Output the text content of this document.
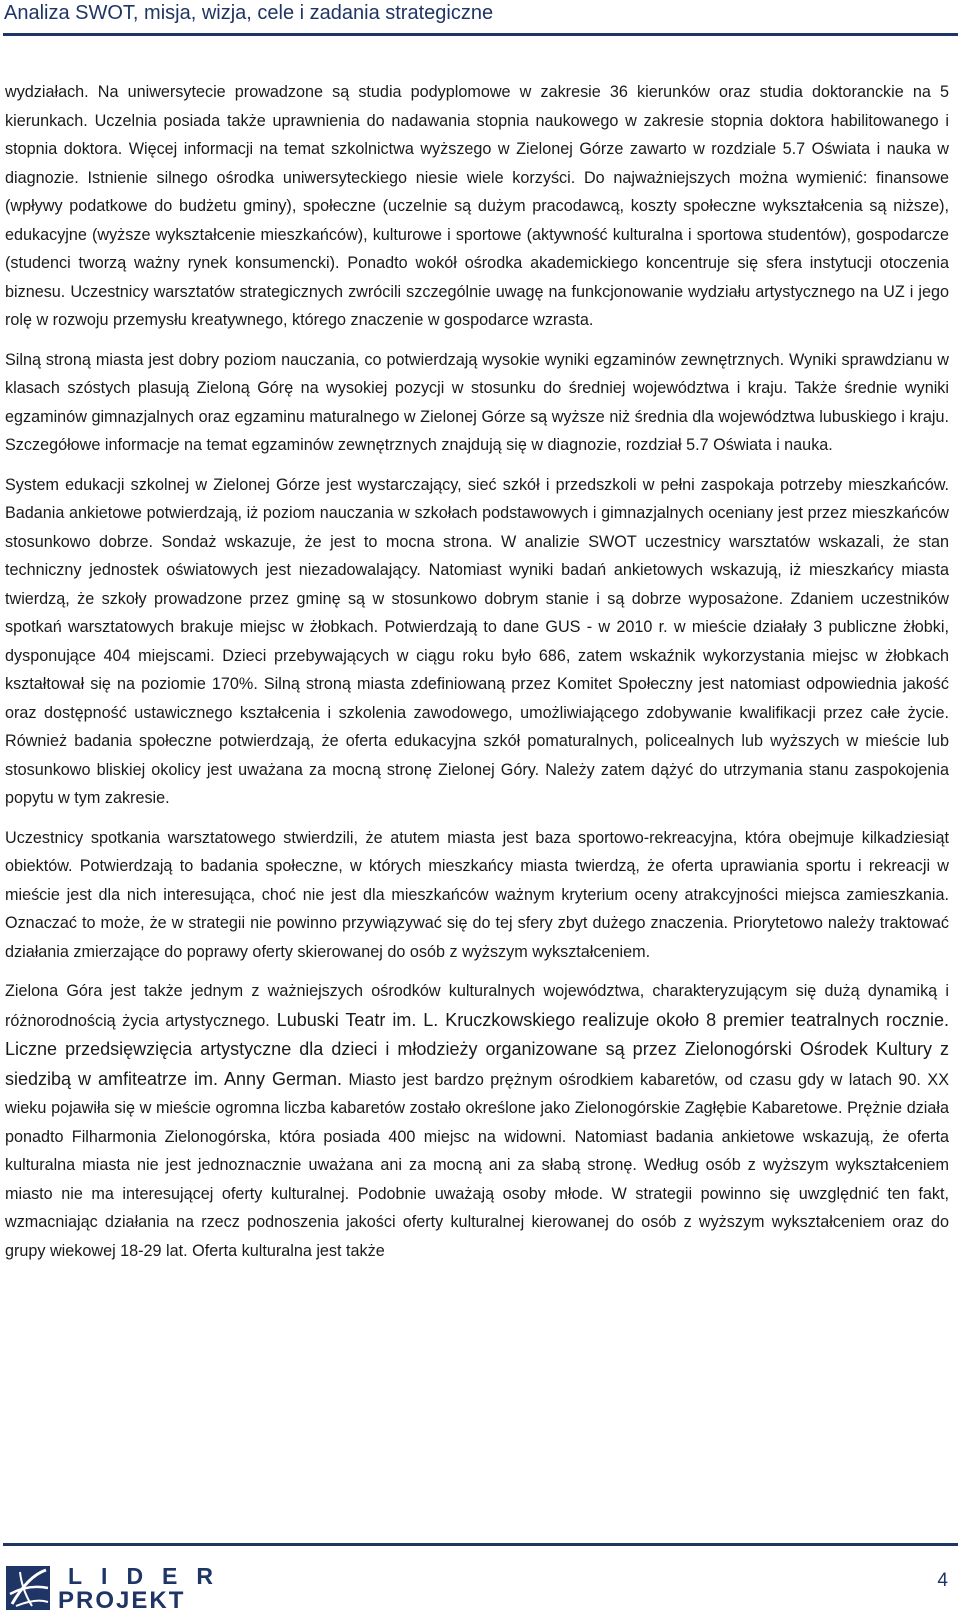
Analiza SWOT, misja, wizja, cele i zadania strategiczne

wydziałach. Na uniwersytecie prowadzone są studia podyplomowe w zakresie 36 kierunków oraz studia doktoranckie na 5 kierunkach. Uczelnia posiada także uprawnienia do nadawania stopnia naukowego w zakresie stopnia doktora habilitowanego i stopnia doktora. Więcej informacji na temat szkolnictwa wyższego w Zielonej Górze zawarto w rozdziale 5.7 Oświata i nauka w diagnozie. Istnienie silnego ośrodka uniwersyteckiego niesie wiele korzyści. Do najważniejszych można wymienić: finansowe (wpływy podatkowe do budżetu gminy), społeczne (uczelnie są dużym pracodawcą, koszty społeczne wykształcenia są niższe), edukacyjne (wyższe wykształcenie mieszkańców), kulturowe i sportowe (aktywność kulturalna i sportowa studentów), gospodarcze (studenci tworzą ważny rynek konsumencki). Ponadto wokół ośrodka akademickiego koncentruje się sfera instytucji otoczenia biznesu. Uczestnicy warsztatów strategicznych zwrócili szczególnie uwagę na funkcjonowanie wydziału artystycznego na UZ i jego rolę w rozwoju przemysłu kreatywnego, którego znaczenie w gospodarce wzrasta.

Silną stroną miasta jest dobry poziom nauczania, co potwierdzają wysokie wyniki egzaminów zewnętrznych. Wyniki sprawdzianu w klasach szóstych plasują Zieloną Górę na wysokiej pozycji w stosunku do średniej województwa i kraju. Także średnie wyniki egzaminów gimnazjalnych oraz egzaminu maturalnego w Zielonej Górze są wyższe niż średnia dla województwa lubuskiego i kraju. Szczegółowe informacje na temat egzaminów zewnętrznych znajdują się w diagnozie, rozdział 5.7 Oświata i nauka.

System edukacji szkolnej w Zielonej Górze jest wystarczający, sieć szkół i przedszkoli w pełni zaspokaja potrzeby mieszkańców. Badania ankietowe potwierdzają, iż poziom nauczania w szkołach podstawowych i gimnazjalnych oceniany jest przez mieszkańców stosunkowo dobrze. Sondaż wskazuje, że jest to mocna strona. W analizie SWOT uczestnicy warsztatów wskazali, że stan techniczny jednostek oświatowych jest niezadowalający. Natomiast wyniki badań ankietowych wskazują, iż mieszkańcy miasta twierdzą, że szkoły prowadzone przez gminę są w stosunkowo dobrym stanie i są dobrze wyposażone. Zdaniem uczestników spotkań warsztatowych brakuje miejsc w żłobkach. Potwierdzają to dane GUS - w 2010 r. w mieście działały 3 publiczne żłobki, dysponujące 404 miejscami. Dzieci przebywających w ciągu roku było 686, zatem wskaźnik wykorzystania miejsc w żłobkach kształtował się na poziomie 170%. Silną stroną miasta zdefiniowaną przez Komitet Społeczny jest natomiast odpowiednia jakość oraz dostępność ustawicznego kształcenia i szkolenia zawodowego, umożliwiającego zdobywanie kwalifikacji przez całe życie. Również badania społeczne potwierdzają, że oferta edukacyjna szkół pomaturalnych, policealnych lub wyższych w mieście lub stosunkowo bliskiej okolicy jest uważana za mocną stronę Zielonej Góry. Należy zatem dążyć do utrzymania stanu zaspokojenia popytu w tym zakresie.

Uczestnicy spotkania warsztatowego stwierdzili, że atutem miasta jest baza sportowo-rekreacyjna, która obejmuje kilkadziesiąt obiektów. Potwierdzają to badania społeczne, w których mieszkańcy miasta twierdzą, że oferta uprawiania sportu i rekreacji w mieście jest dla nich interesująca, choć nie jest dla mieszkańców ważnym kryterium oceny atrakcyjności miejsca zamieszkania. Oznaczać to może, że w strategii nie powinno przywiązywać się do tej sfery zbyt dużego znaczenia. Priorytetowo należy traktować działania zmierzające do poprawy oferty skierowanej do osób z wyższym wykształceniem.

Zielona Góra jest także jednym z ważniejszych ośrodków kulturalnych województwa, charakteryzującym się dużą dynamiką i różnorodnością życia artystycznego. Lubuski Teatr im. L. Kruczkowskiego realizuje około 8 premier teatralnych rocznie. Liczne przedsięwzięcia artystyczne dla dzieci i młodzieży organizowane są przez Zielonogórski Ośrodek Kultury z siedzibą w amfiteatrze im. Anny German. Miasto jest bardzo prężnym ośrodkiem kabaretów, od czasu gdy w latach 90. XX wieku pojawiła się w mieście ogromna liczba kabaretów zostało określone jako Zielonogórskie Zagłębie Kabaretowe. Prężnie działa ponadto Filharmonia Zielonogórska, która posiada 400 miejsc na widowni. Natomiast badania ankietowe wskazują, że oferta kulturalna miasta nie jest jednoznacznie uważana ani za mocną ani za słabą stronę. Według osób z wyższym wykształceniem miasto nie ma interesującej oferty kulturalnej. Podobnie uważają osoby młode. W strategii powinno się uwzględnić ten fakt, wzmacniając działania na rzecz podnoszenia jakości oferty kulturalnej kierowanej do osób z wyższym wykształceniem oraz do grupy wiekowej 18-29 lat. Oferta kulturalna jest także

LIDER
PROJEKT
4
